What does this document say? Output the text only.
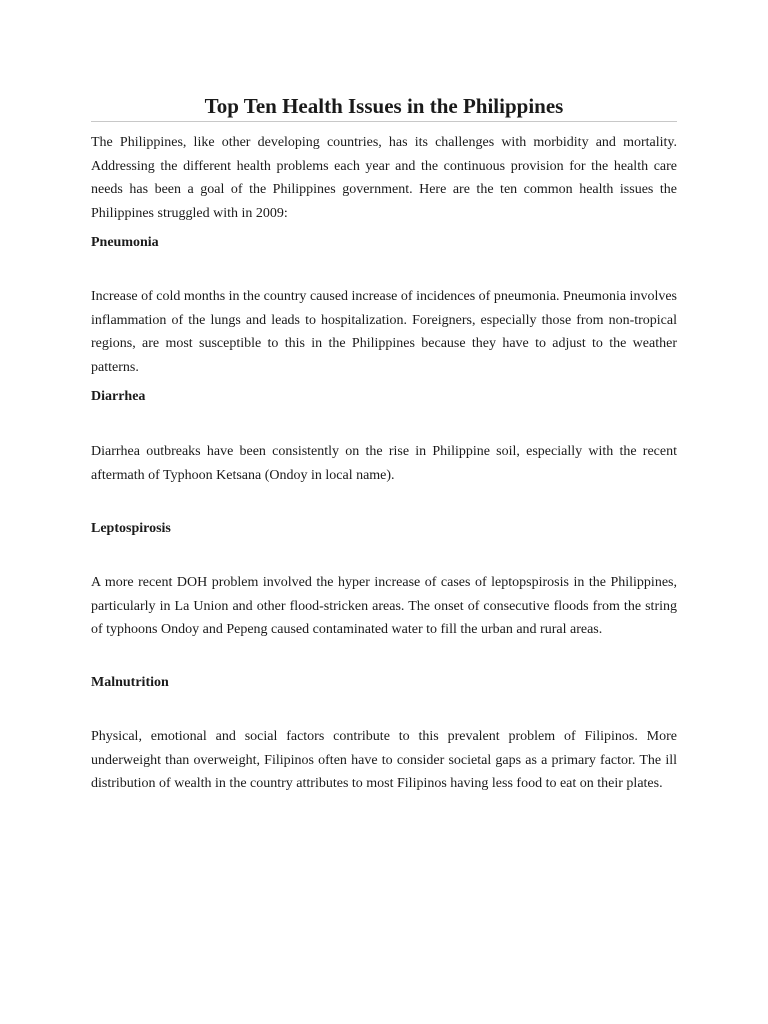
Top Ten Health Issues in the Philippines

The Philippines, like other developing countries, has its challenges with morbidity and mortality. Addressing the different health problems each year and the continuous provision for the health care needs has been a goal of the Philippines government. Here are the ten common health issues the Philippines struggled with in 2009:

Pneumonia

Increase of cold months in the country caused increase of incidences of pneumonia. Pneumonia involves inflammation of the lungs and leads to hospitalization. Foreigners, especially those from non-tropical regions, are most susceptible to this in the Philippines because they have to adjust to the weather patterns.

Diarrhea

Diarrhea outbreaks have been consistently on the rise in Philippine soil, especially with the recent aftermath of Typhoon Ketsana (Ondoy in local name).

Leptospirosis

A more recent DOH problem involved the hyper increase of cases of leptopspirosis in the Philippines, particularly in La Union and other flood-stricken areas. The onset of consecutive floods from the string of typhoons Ondoy and Pepeng caused contaminated water to fill the urban and rural areas.

Malnutrition

Physical, emotional and social factors contribute to this prevalent problem of Filipinos. More underweight than overweight, Filipinos often have to consider societal gaps as a primary factor. The ill distribution of wealth in the country attributes to most Filipinos having less food to eat on their plates.
